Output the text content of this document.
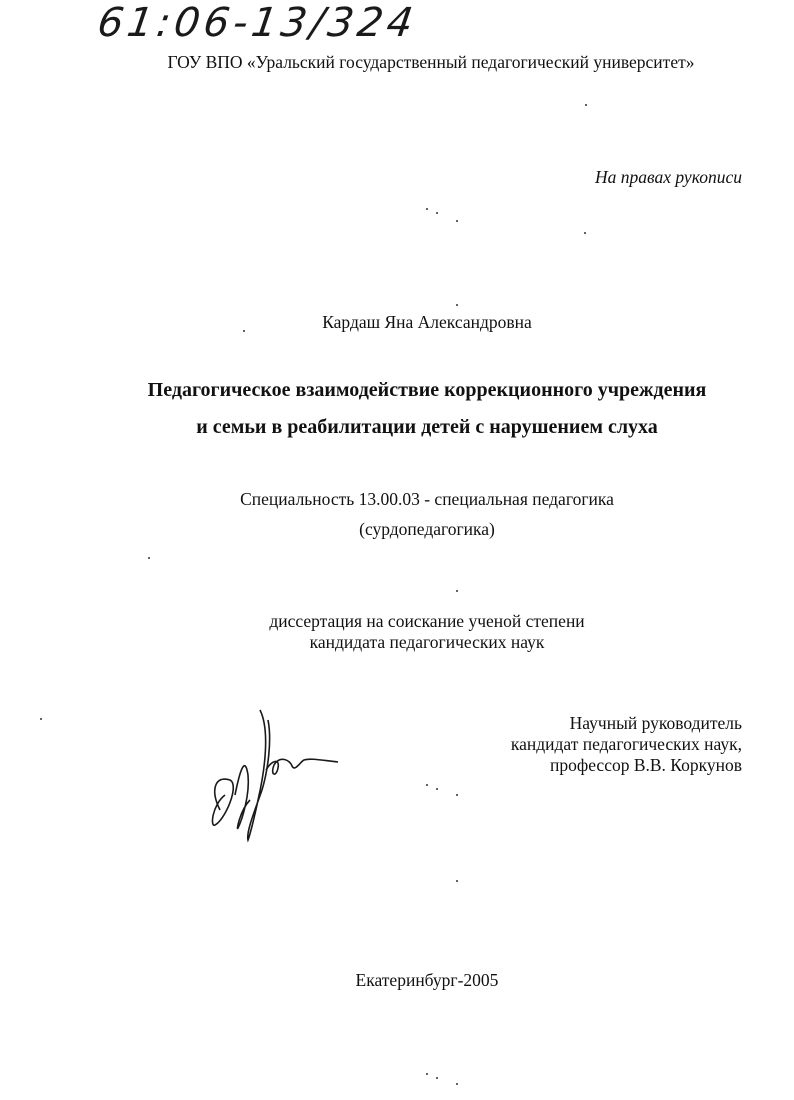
61:06-13/324
ГОУ ВПО «Уральский государственный педагогический университет»
На правах рукописи
Кардаш Яна Александровна
Педагогическое взаимодействие коррекционного учреждения
и семьи в реабилитации детей с нарушением слуха
Специальность 13.00.03 - специальная педагогика
(сурдопедагогика)
диссертация на соискание ученой степени
кандидата педагогических наук
Научный руководитель
кандидат педагогических наук,
профессор В.В. Коркунов
Екатеринбург-2005
